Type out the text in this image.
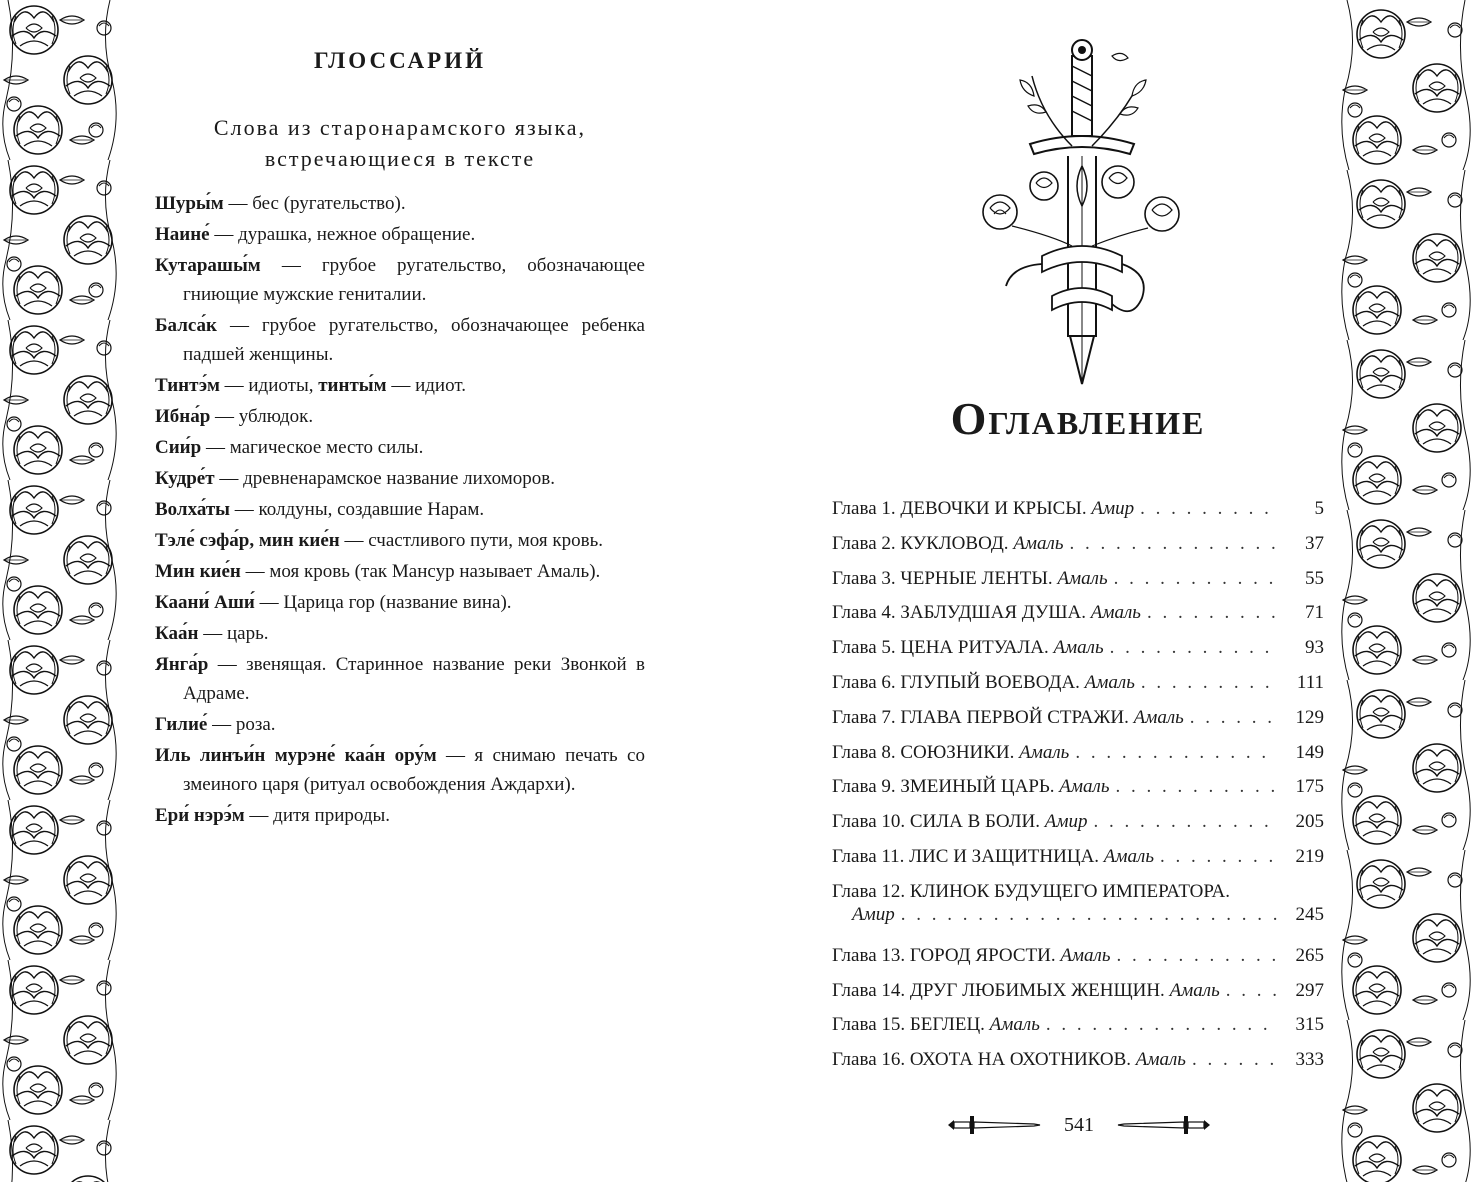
ГЛОССАРИЙ
Слова из старонарамского языка,
встречающиеся в тексте
Шуры́м — бес (ругательство).
Наине́ — дурашка, нежное обращение.
Кутарашы́м — грубое ругательство, обозначающее гниющие мужские гениталии.
Балса́к — грубое ругательство, обозначающее ребенка падшей женщины.
Тинтэ́м — идиоты, тинты́м — идиот.
Ибна́р — ублюдок.
Сии́р — магическое место силы.
Кудре́т — древненарамское название лихоморов.
Волха́ты — колдуны, создавшие Нарам.
Тэле́ сэфа́р, мин кие́н — счастливого пути, моя кровь.
Мин кие́н — моя кровь (так Мансур называет Амаль).
Каани́ Аши́ — Царица гор (название вина).
Каа́н — царь.
Янга́р — звенящая. Старинное название реки Звонкой в Адраме.
Гилие́ — роза.
Иль линъи́н мурэне́ каа́н ору́м — я снимаю печать со змеиного царя (ритуал освобождения Аждархи).
Ери́ нэрэ́м — дитя природы.
Оглавление
Глава 1. ДЕВОЧКИ И КРЫСЫ. Амир . . .	5
Глава 2. КУКЛОВОД. Амаль . . .	37
Глава 3. ЧЕРНЫЕ ЛЕНТЫ. Амаль . . .	55
Глава 4. ЗАБЛУДШАЯ ДУША. Амаль . . .	71
Глава 5. ЦЕНА РИТУАЛА. Амаль . . .	93
Глава 6. ГЛУПЫЙ ВОЕВОДА. Амаль . . .	111
Глава 7. ГЛАВА ПЕРВОЙ СТРАЖИ. Амаль . . .	129
Глава 8. СОЮЗНИКИ. Амаль . . .	149
Глава 9. ЗМЕИНЫЙ ЦАРЬ. Амаль . . .	175
Глава 10. СИЛА В БОЛИ. Амир . . .	205
Глава 11. ЛИС И ЗАЩИТНИЦА. Амаль . . .	219
Глава 12. КЛИНОК БУДУЩЕГО ИМПЕРАТОРА.
Амир . . .	245
Глава 13. ГОРОД ЯРОСТИ. Амаль . . .	265
Глава 14. ДРУГ ЛЮБИМЫХ ЖЕНЩИН. Амаль . . .	297
Глава 15. БЕГЛЕЦ. Амаль . . .	315
Глава 16. ОХОТА НА ОХОТНИКОВ. Амаль . . .	333
541
